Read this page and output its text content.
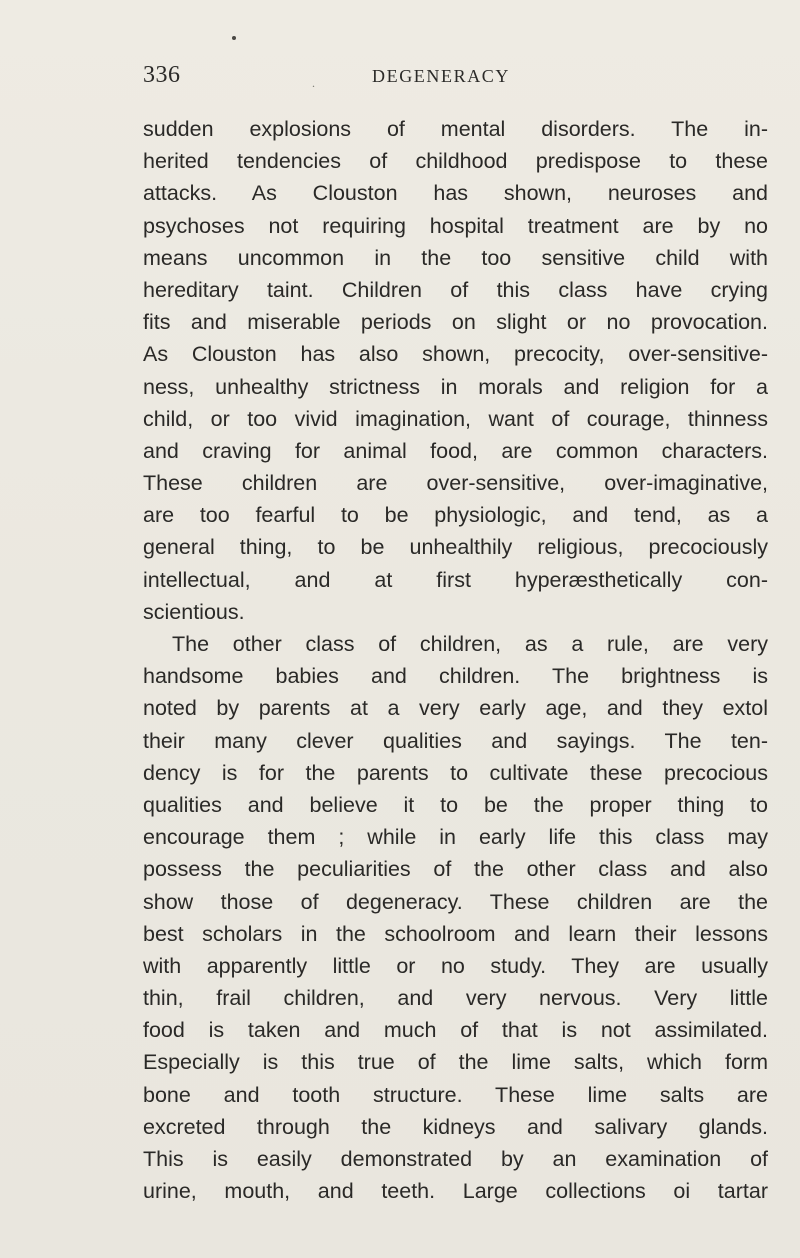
336	.	DEGENERACY
sudden explosions of mental disorders. The in-
herited tendencies of childhood predispose to these
attacks. As Clouston has shown, neuroses and
psychoses not requiring hospital treatment are by no
means uncommon in the too sensitive child with
hereditary taint. Children of this class have crying
fits and miserable periods on slight or no provocation.
As Clouston has also shown, precocity, over-sensitive-
ness, unhealthy strictness in morals and religion for a
child, or too vivid imagination, want of courage, thinness
and craving for animal food, are common characters.
These children are over-sensitive, over-imaginative,
are too fearful to be physiologic, and tend, as a
general thing, to be unhealthily religious, precociously
intellectual, and at first hyperæsthetically con-
scientious.
The other class of children, as a rule, are very
handsome babies and children. The brightness is
noted by parents at a very early age, and they extol
their many clever qualities and sayings. The ten-
dency is for the parents to cultivate these precocious
qualities and believe it to be the proper thing to
encourage them ; while in early life this class may
possess the peculiarities of the other class and also
show those of degeneracy. These children are the
best scholars in the schoolroom and learn their lessons
with apparently little or no study. They are usually
thin, frail children, and very nervous. Very little
food is taken and much of that is not assimilated.
Especially is this true of the lime salts, which form
bone and tooth structure. These lime salts are
excreted through the kidneys and salivary glands.
This is easily demonstrated by an examination of
urine, mouth, and teeth. Large collections oi tartar
